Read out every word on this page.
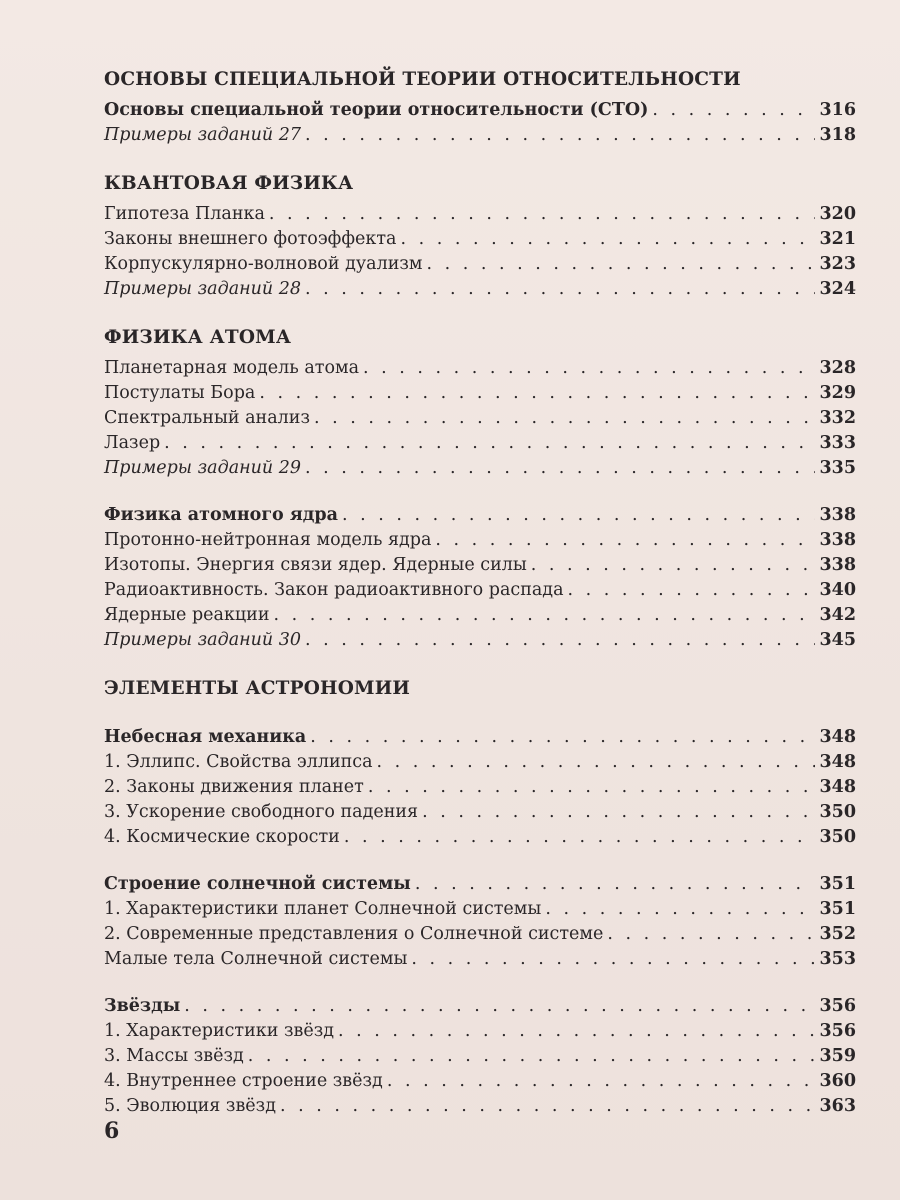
ОСНОВЫ СПЕЦИАЛЬНОЙ ТЕОРИИ ОТНОСИТЕЛЬНОСТИ
Основы специальной теории относительности (СТО) . . .	316
Примеры заданий 27 . . .	318
КВАНТОВАЯ ФИЗИКА
Гипотеза Планка . . .	320
Законы внешнего фотоэффекта . . .	321
Корпускулярно-волновой дуализм . . .	323
Примеры заданий 28 . . .	324
ФИЗИКА АТОМА
Планетарная модель атома . . .	328
Постулаты Бора . . .	329
Спектральный анализ . . .	332
Лазер . . .	333
Примеры заданий 29 . . .	335
Физика атомного ядра . . .	338
Протонно-нейтронная модель ядра . . .	338
Изотопы. Энергия связи ядер. Ядерные силы . . .	338
Радиоактивность. Закон радиоактивного распада . . .	340
Ядерные реакции . . .	342
Примеры заданий 30 . . .	345
ЭЛЕМЕНТЫ АСТРОНОМИИ
Небесная механика . . .	348
1. Эллипс. Свойства эллипса . . .	348
2. Законы движения планет . . .	348
3. Ускорение свободного падения . . .	350
4. Космические скорости . . .	350
Строение солнечной системы . . .	351
1. Характеристики планет Солнечной системы . . .	351
2. Современные представления о Солнечной системе . . .	352
Малые тела Солнечной системы . . .	353
Звёзды . . .	356
1. Характеристики звёзд . . .	356
3. Массы звёзд . . .	359
4. Внутреннее строение звёзд . . .	360
5. Эволюция звёзд . . .	363
6
